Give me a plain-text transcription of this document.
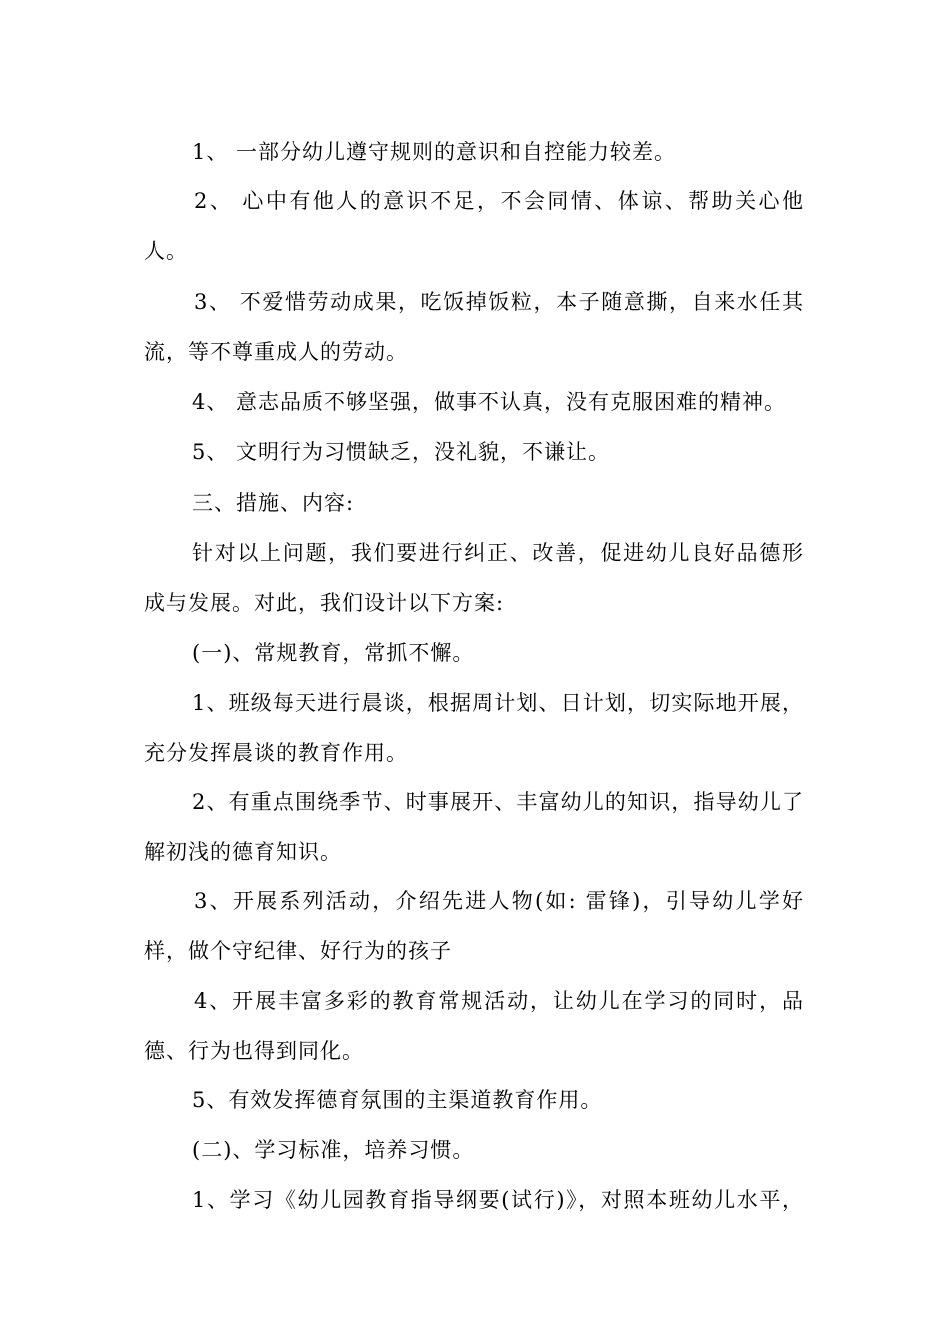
1、 一部分幼儿遵守规则的意识和自控能力较差。
2、 心中有他人的意识不足，不会同情、体谅、帮助关心他
人。
3、 不爱惜劳动成果，吃饭掉饭粒，本子随意撕，自来水任其
流，等不尊重成人的劳动。
4、 意志品质不够坚强，做事不认真，没有克服困难的精神。
5、 文明行为习惯缺乏，没礼貌，不谦让。
三、措施、内容:
针对以上问题，我们要进行纠正、改善，促进幼儿良好品德形
成与发展。对此，我们设计以下方案:
(一)、常规教育，常抓不懈。
1、班级每天进行晨谈，根据周计划、日计划，切实际地开展，
充分发挥晨谈的教育作用。
2、有重点围绕季节、时事展开、丰富幼儿的知识，指导幼儿了
解初浅的德育知识。
3、开展系列活动，介绍先进人物(如: 雷锋)，引导幼儿学好
样，做个守纪律、好行为的孩子
4、开展丰富多彩的教育常规活动，让幼儿在学习的同时，品
德、行为也得到同化。
5、有效发挥德育氛围的主渠道教育作用。
(二)、学习标准，培养习惯。
1、学习《幼儿园教育指导纲要(试行)》，对照本班幼儿水平，
